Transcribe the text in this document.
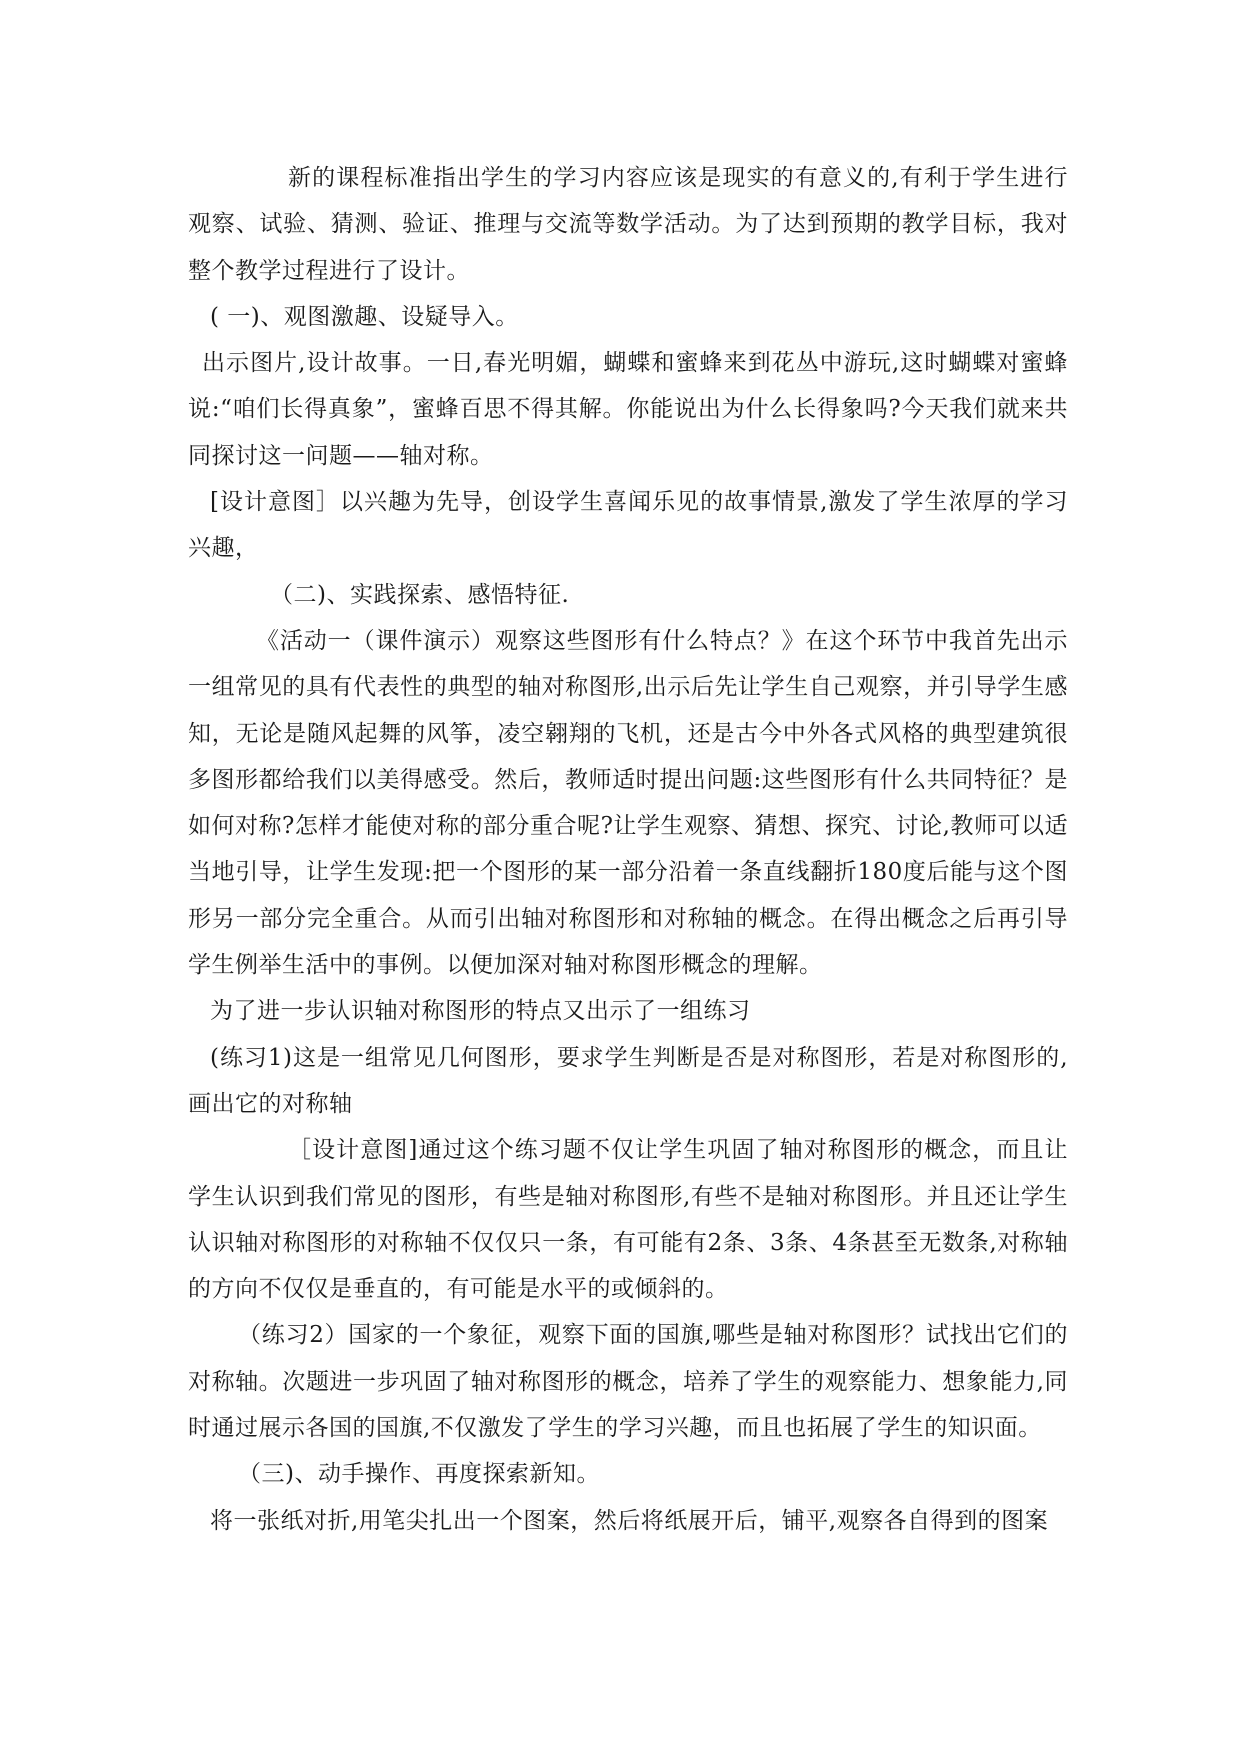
新的课程标准指出学生的学习内容应该是现实的有意义的,有利于学生进行观察、试验、猜测、验证、推理与交流等数学活动。为了达到预期的教学目标，我对整个教学过程进行了设计。

( 一)、观图激趣、设疑导入。

出示图片,设计故事。一日,春光明媚，蝴蝶和蜜蜂来到花丛中游玩,这时蝴蝶对蜜蜂说:“咱们长得真象”，蜜蜂百思不得其解。你能说出为什么长得象吗?今天我们就来共同探讨这一问题——轴对称。

[设计意图］以兴趣为先导，创设学生喜闻乐见的故事情景,激发了学生浓厚的学习兴趣，

（二)、实践探索、感悟特征.

《活动一（课件演示）观察这些图形有什么特点？》在这个环节中我首先出示一组常见的具有代表性的典型的轴对称图形,出示后先让学生自己观察，并引导学生感知，无论是随风起舞的风筝，凌空翱翔的飞机，还是古今中外各式风格的典型建筑很多图形都给我们以美得感受。然后，教师适时提出问题:这些图形有什么共同特征？是如何对称?怎样才能使对称的部分重合呢?让学生观察、猜想、探究、讨论,教师可以适当地引导，让学生发现:把一个图形的某一部分沿着一条直线翻折180度后能与这个图形另一部分完全重合。从而引出轴对称图形和对称轴的概念。在得出概念之后再引导学生例举生活中的事例。以便加深对轴对称图形概念的理解。

为了进一步认识轴对称图形的特点又出示了一组练习

(练习1)这是一组常见几何图形，要求学生判断是否是对称图形，若是对称图形的,画出它的对称轴

［设计意图]通过这个练习题不仅让学生巩固了轴对称图形的概念，而且让学生认识到我们常见的图形，有些是轴对称图形,有些不是轴对称图形。并且还让学生认识轴对称图形的对称轴不仅仅只一条，有可能有2条、3条、4条甚至无数条,对称轴的方向不仅仅是垂直的，有可能是水平的或倾斜的。

（练习2）国家的一个象征，观察下面的国旗,哪些是轴对称图形？试找出它们的对称轴。次题进一步巩固了轴对称图形的概念，培养了学生的观察能力、想象能力,同时通过展示各国的国旗,不仅激发了学生的学习兴趣，而且也拓展了学生的知识面。

（三)、动手操作、再度探索新知。

将一张纸对折,用笔尖扎出一个图案，然后将纸展开后，铺平,观察各自得到的图案
